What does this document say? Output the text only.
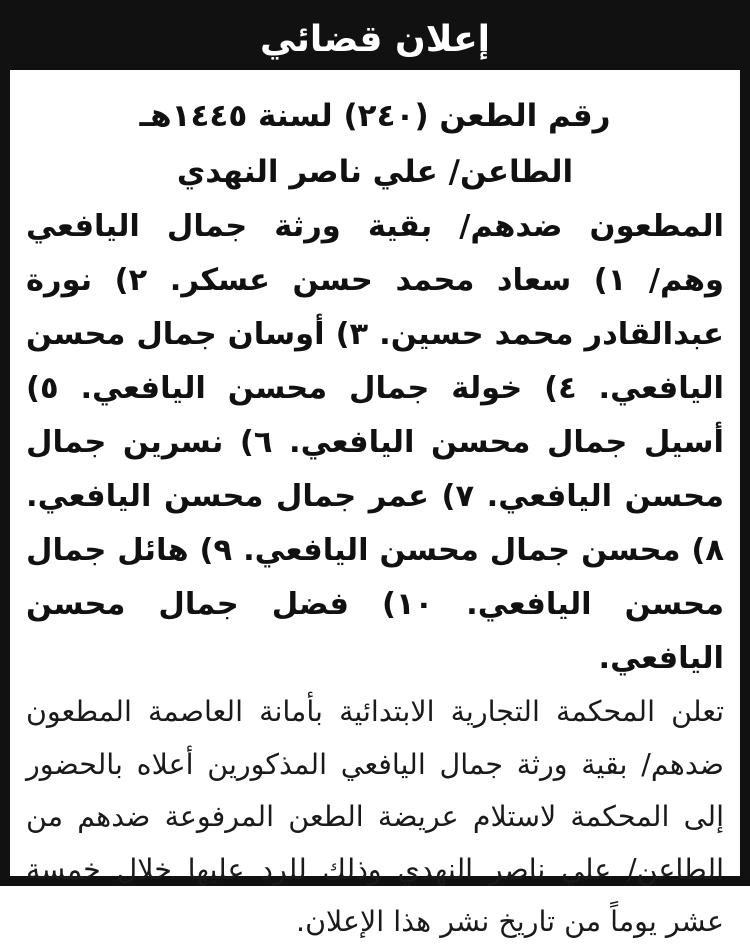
إعلان قضائي
رقم الطعن (٢٤٠) لسنة ١٤٤٥هـ
الطاعن/ علي ناصر النهدي

المطعون ضدهم/ بقية ورثة جمال اليافعي وهم/ ١) سعاد محمد حسن عسكر. ٢) نورة عبدالقادر محمد حسين. ٣) أوسان جمال محسن اليافعي. ٤) خولة جمال محسن اليافعي. ٥) أسيل جمال محسن اليافعي. ٦) نسرين جمال محسن اليافعي. ٧) عمر جمال محسن اليافعي. ٨) محسن جمال محسن اليافعي. ٩) هائل جمال محسن اليافعي. ١٠) فضل جمال محسن اليافعي.

تعلن المحكمة التجارية الابتدائية بأمانة العاصمة المطعون ضدهم/ بقية ورثة جمال اليافعي المذكورين أعلاه بالحضور إلى المحكمة لاستلام عريضة الطعن المرفوعة ضدهم من الطاعن/ علي ناصر النهدي وذلك للرد عليها خلال خمسة عشر يوماً من تاريخ نشر هذا الإعلان.
